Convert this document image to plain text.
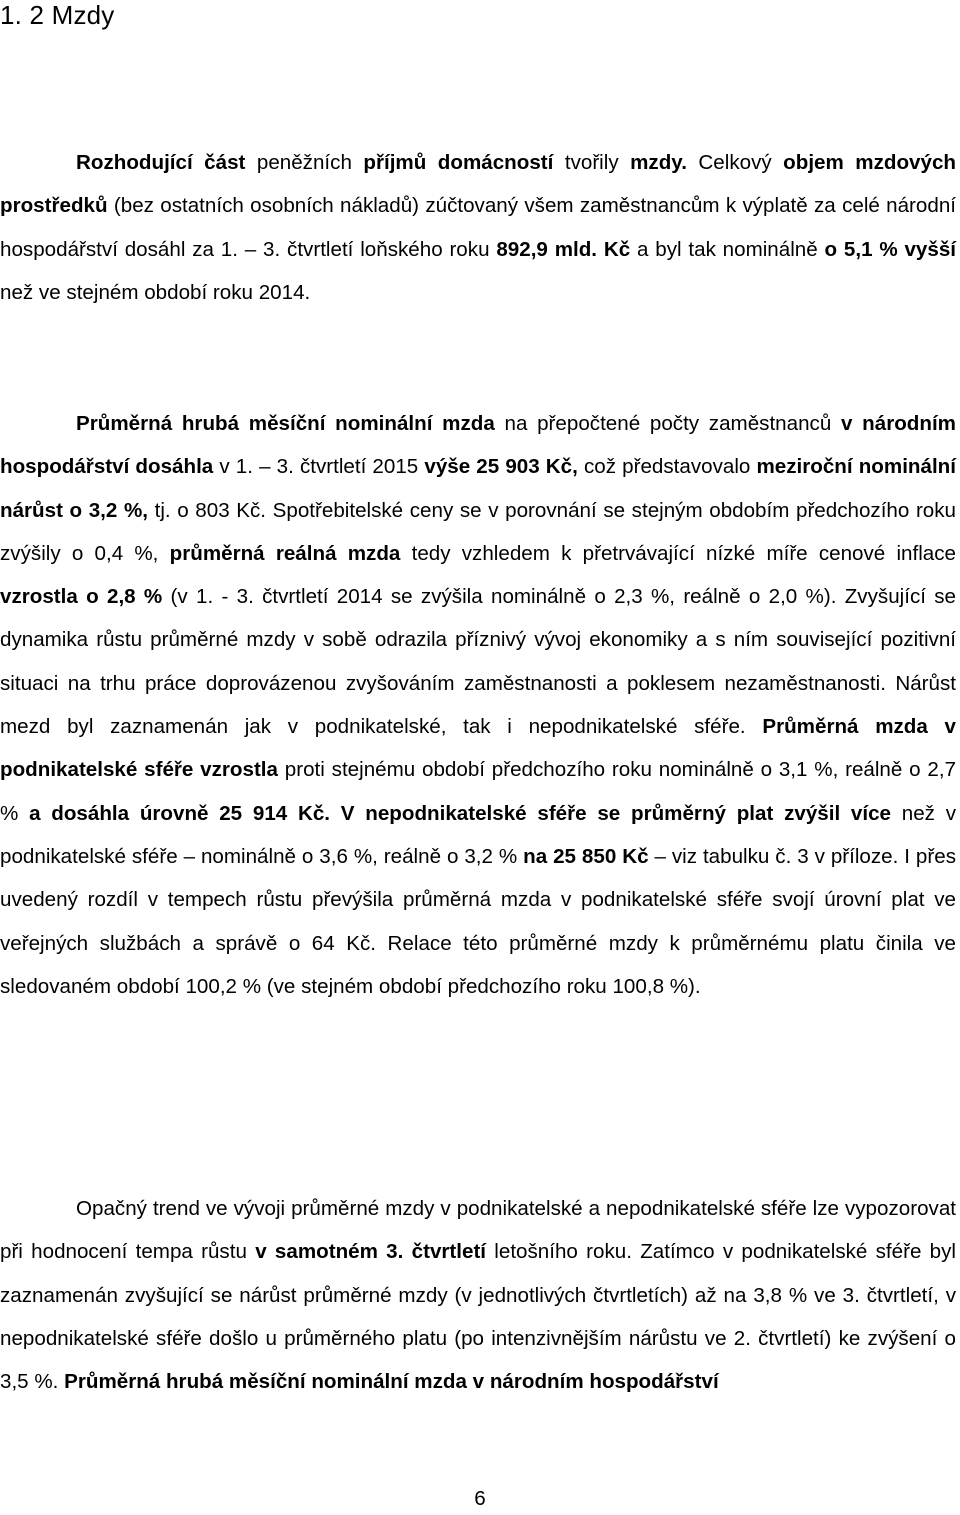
1. 2 Mzdy

Rozhodující část peněžních příjmů domácností tvořily mzdy. Celkový objem mzdových prostředků (bez ostatních osobních nákladů) zúčtovaný všem zaměstnancům k výplatě za celé národní hospodářství dosáhl za 1. – 3. čtvrtletí loňského roku 892,9 mld. Kč a byl tak nominálně o 5,1 % vyšší než ve stejném období roku 2014.

Průměrná hrubá měsíční nominální mzda na přepočtené počty zaměstnanců v národním hospodářství dosáhla v 1. – 3. čtvrtletí 2015 výše 25 903 Kč, což představovalo meziroční nominální nárůst o 3,2 %, tj. o 803 Kč. Spotřebitelské ceny se v porovnání se stejným obdobím předchozího roku zvýšily o 0,4 %, průměrná reálná mzda tedy vzhledem k přetrvávající nízké míře cenové inflace vzrostla o 2,8 % (v 1. - 3. čtvrtletí 2014 se zvýšila nominálně o 2,3 %, reálně o 2,0 %). Zvyšující se dynamika růstu průměrné mzdy v sobě odrazila příznivý vývoj ekonomiky a s ním související pozitivní situaci na trhu práce doprovázenou zvyšováním zaměstnanosti a poklesem nezaměstnanosti. Nárůst mezd byl zaznamenán jak v podnikatelské, tak i nepodnikatelské sféře. Průměrná mzda v podnikatelské sféře vzrostla proti stejnému období předchozího roku nominálně o 3,1 %, reálně o 2,7 % a dosáhla úrovně 25 914 Kč. V nepodnikatelské sféře se průměrný plat zvýšil více než v podnikatelské sféře – nominálně o 3,6 %, reálně o 3,2 % na 25 850 Kč – viz tabulku č. 3 v příloze. I přes uvedený rozdíl v tempech růstu převýšila průměrná mzda v podnikatelské sféře svojí úrovní plat ve veřejných službách a správě o 64 Kč. Relace této průměrné mzdy k průměrnému platu činila ve sledovaném období 100,2 % (ve stejném období předchozího roku 100,8 %).

Opačný trend ve vývoji průměrné mzdy v podnikatelské a nepodnikatelské sféře lze vypozorovat při hodnocení tempa růstu v samotném 3. čtvrtletí letošního roku. Zatímco v podnikatelské sféře byl zaznamenán zvyšující se nárůst průměrné mzdy (v jednotlivých čtvrtletích) až na 3,8 % ve 3. čtvrtletí, v nepodnikatelské sféře došlo u průměrného platu (po intenzivnějším nárůstu ve 2. čtvrtletí) ke zvýšení o 3,5 %. Průměrná hrubá měsíční nominální mzda v národním hospodářství

6
